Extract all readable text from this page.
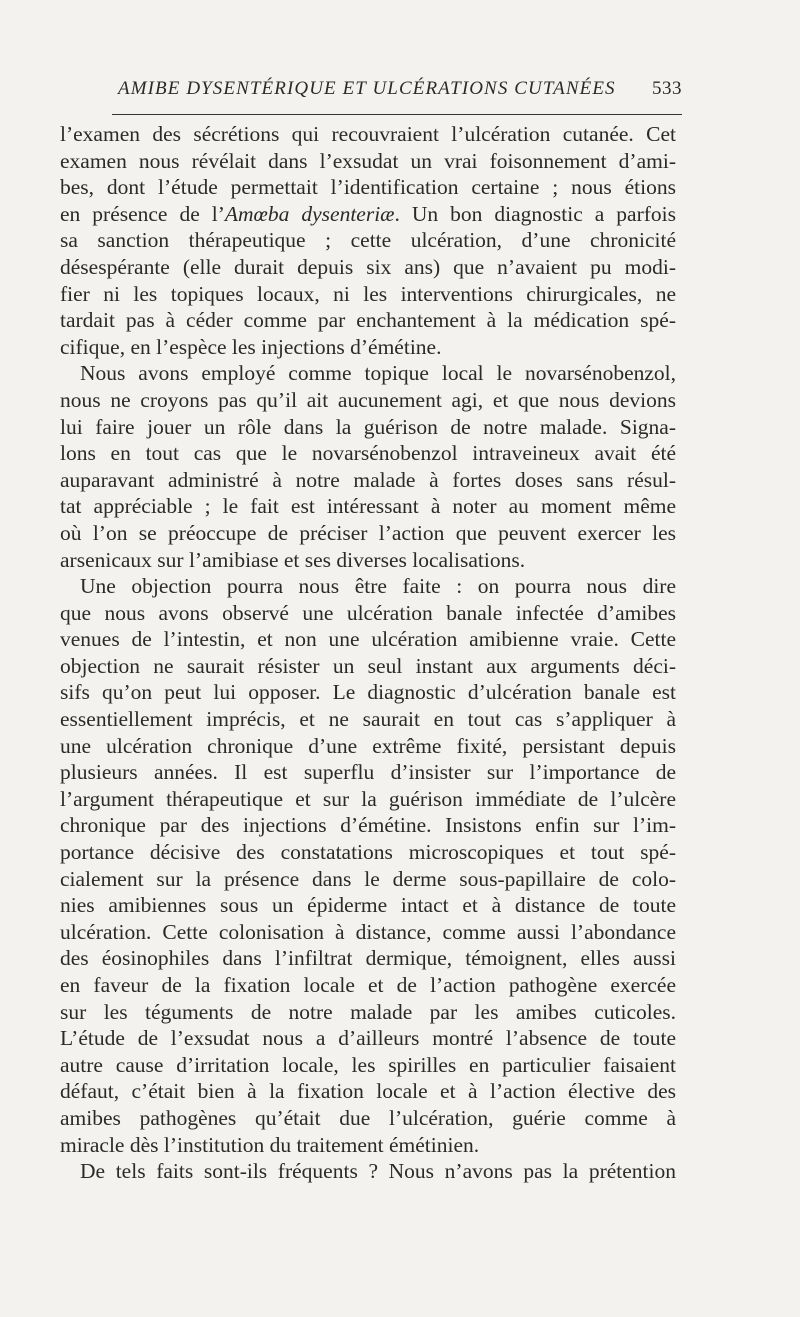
AMIBE DYSENTÉRIQUE ET ULCÉRATIONS CUTANÉES 533
l’examen des sécrétions qui recouvraient l’ulcération cutanée. Cet
examen nous révélait dans l’exsudat un vrai foisonnement d’ami-
bes, dont l’étude permettait l’identification certaine ; nous étions
en présence de l’Amœba dysenteriæ. Un bon diagnostic a parfois
sa sanction thérapeutique ; cette ulcération, d’une chronicité
désespérante (elle durait depuis six ans) que n’avaient pu modi-
fier ni les topiques locaux, ni les interventions chirurgicales, ne
tardait pas à céder comme par enchantement à la médication spé-
cifique, en l’espèce les injections d’émétine.
Nous avons employé comme topique local le novarsénobenzol,
nous ne croyons pas qu’il ait aucunement agi, et que nous devions
lui faire jouer un rôle dans la guérison de notre malade. Signa-
lons en tout cas que le novarsénobenzol intraveineux avait été
auparavant administré à notre malade à fortes doses sans résul-
tat appréciable ; le fait est intéressant à noter au moment même
où l’on se préoccupe de préciser l’action que peuvent exercer les
arsenicaux sur l’amibiase et ses diverses localisations.
Une objection pourra nous être faite : on pourra nous dire
que nous avons observé une ulcération banale infectée d’amibes
venues de l’intestin, et non une ulcération amibienne vraie. Cette
objection ne saurait résister un seul instant aux arguments déci-
sifs qu’on peut lui opposer. Le diagnostic d’ulcération banale est
essentiellement imprécis, et ne saurait en tout cas s’appliquer à
une ulcération chronique d’une extrême fixité, persistant depuis
plusieurs années. Il est superflu d’insister sur l’importance de
l’argument thérapeutique et sur la guérison immédiate de l’ulcère
chronique par des injections d’émétine. Insistons enfin sur l’im-
portance décisive des constatations microscopiques et tout spé-
cialement sur la présence dans le derme sous-papillaire de colo-
nies amibiennes sous un épiderme intact et à distance de toute
ulcération. Cette colonisation à distance, comme aussi l’abondance
des éosinophiles dans l’infiltrat dermique, témoignent, elles aussi
en faveur de la fixation locale et de l’action pathogène exercée
sur les téguments de notre malade par les amibes cuticoles.
L’étude de l’exsudat nous a d’ailleurs montré l’absence de toute
autre cause d’irritation locale, les spirilles en particulier faisaient
défaut, c’était bien à la fixation locale et à l’action élective des
amibes pathogènes qu’était due l’ulcération, guérie comme à
miracle dès l’institution du traitement émétinien.
De tels faits sont-ils fréquents ? Nous n’avons pas la prétention
